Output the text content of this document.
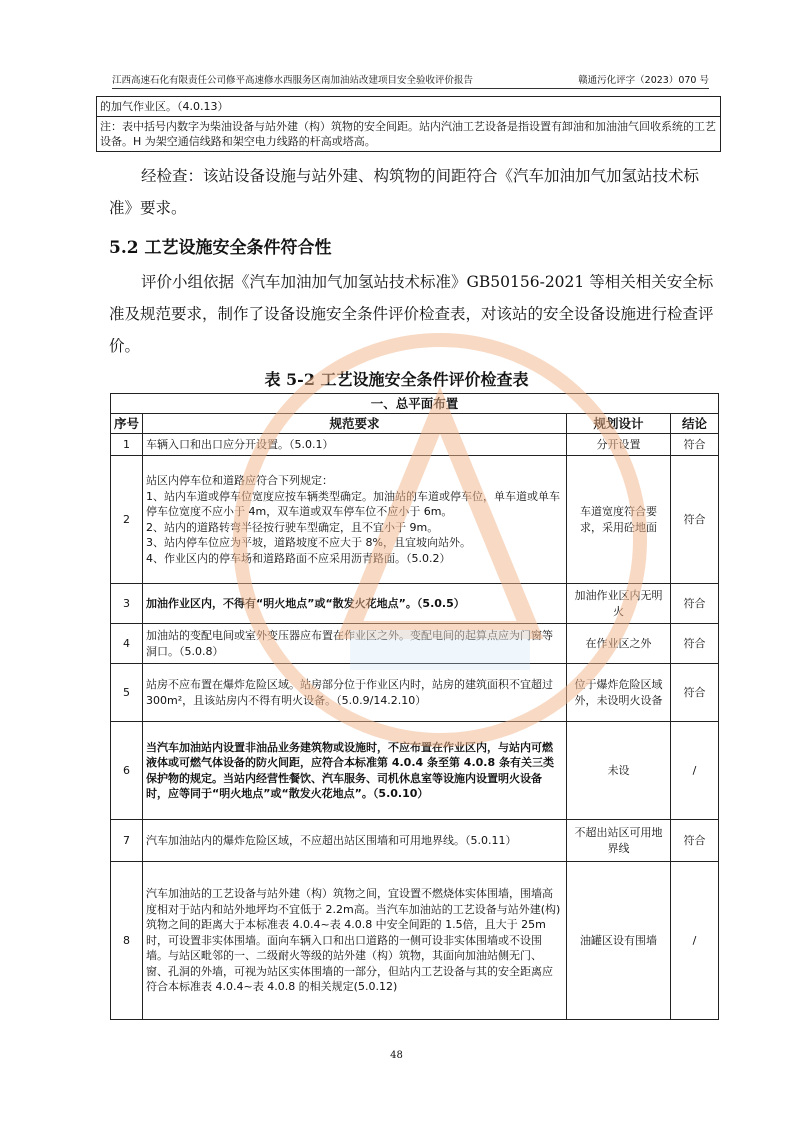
江西高速石化有限责任公司修平高速修水西服务区南加油站改建项目安全验收评价报告	赣通污化评字（2023）070 号
的加气作业区。（4.0.13）
注：表中括号内数字为柴油设备与站外建（构）筑物的安全间距。站内汽油工艺设备是指设置有卸油和加油油气回收系统的工艺设备。H 为架空通信线路和架空电力线路的杆高或塔高。
经检查：该站设备设施与站外建、构筑物的间距符合《汽车加油加气加氢站技术标准》要求。
5.2 工艺设施安全条件符合性
评价小组依据《汽车加油加气加氢站技术标准》GB50156-2021 等相关相关安全标准及规范要求，制作了设备设施安全条件评价检查表，对该站的安全设备设施进行检查评价。
表 5-2 工艺设施安全条件评价检查表
一、总平面布置			
序号	规范要求	规划设计	结论
1	车辆入口和出口应分开设置。（5.0.1）	分开设置	符合
2	站区内停车位和道路应符合下列规定：
1、站内车道或停车位宽度应按车辆类型确定。加油站的车道或停车位，单车道或单车停车位宽度不应小于 4m，双车道或双车停车位不应小于 6m。
2、站内的道路转弯半径按行驶车型确定，且不宜小于 9m。
3、站内停车位应为平坡，道路坡度不应大于 8%，且宜坡向站外。
4、作业区内的停车场和道路路面不应采用沥青路面。（5.0.2）	车道宽度符合要求，采用砼地面	符合
3	加油作业区内，不得有“明火地点”或“散发火花地点”。（5.0.5）	加油作业区内无明火	符合
4	加油站的变配电间或室外变压器应布置在作业区之外。变配电间的起算点应为门窗等洞口。（5.0.8）	在作业区之外	符合
5	站房不应布置在爆炸危险区域。站房部分位于作业区内时，站房的建筑面积不宜超过 300m²，且该站房内不得有明火设备。（5.0.9/14.2.10）	位于爆炸危险区域外，未设明火设备	符合
6	当汽车加油站内设置非油品业务建筑物或设施时，不应布置在作业区内，与站内可燃液体或可燃气体设备的防火间距，应符合本标准第 4.0.4 条至第 4.0.8 条有关三类保护物的规定。当站内经营性餐饮、汽车服务、司机休息室等设施内设置明火设备时，应等同于“明火地点”或“散发火花地点”。（5.0.10）	未设	/
7	汽车加油站内的爆炸危险区域，不应超出站区围墙和可用地界线。（5.0.11）	不超出站区可用地界线	符合
8	汽车加油站的工艺设备与站外建（构）筑物之间，宜设置不燃烧体实体围墙，围墙高度相对于站内和站外地坪均不宜低于 2.2m高。当汽车加油站的工艺设备与站外建(构)筑物之间的距离大于本标准表 4.0.4~表 4.0.8 中安全间距的 1.5倍，且大于 25m时，可设置非实体围墙。面向车辆入口和出口道路的一侧可设非实体围墙或不设围墙。与站区毗邻的一、二级耐火等级的站外建（构）筑物，其面向加油站侧无门、窗、孔洞的外墙，可视为站区实体围墙的一部分，但站内工艺设备与其的安全距离应符合本标准表 4.0.4~表 4.0.8 的相关规定(5.0.12)	油罐区设有围墙	/
48
